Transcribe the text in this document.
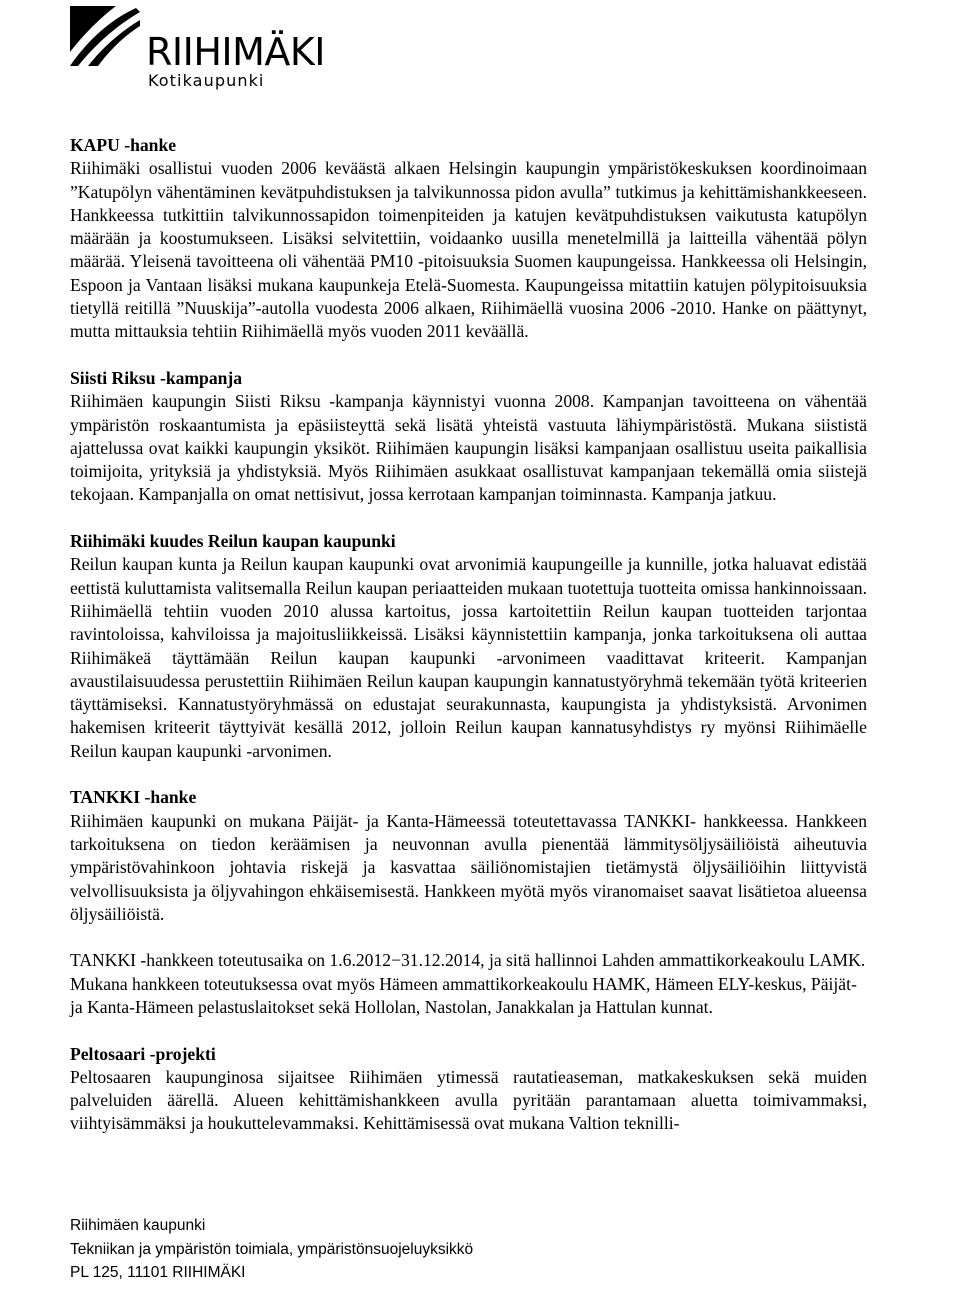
RIIHIMÄKI
Kotikaupunki
KAPU -hanke
Riihimäki osallistui vuoden 2006 keväästä alkaen Helsingin kaupungin ympäristökeskuksen koordinoimaan ”Katupölyn vähentäminen kevätpuhdistuksen ja talvikunnossa pidon avulla” tutkimus ja kehittämishankkeeseen. Hankkeessa tutkittiin talvikunnossapidon toimenpiteiden ja katujen kevätpuhdistuksen vaikutusta katupölyn määrään ja koostumukseen. Lisäksi selvitettiin, voidaanko uusilla menetelmillä ja laitteilla vähentää pölyn määrää. Yleisenä tavoitteena oli vähentää PM10 -pitoisuuksia Suomen kaupungeissa. Hankkeessa oli Helsingin, Espoon ja Vantaan lisäksi mukana kaupunkeja Etelä-Suomesta. Kaupungeissa mitattiin katujen pölypitoisuuksia tietyllä reitillä ”Nuuskija”-autolla vuodesta 2006 alkaen, Riihimäellä vuosina 2006 -2010. Hanke on päättynyt, mutta mittauksia tehtiin Riihimäellä myös vuoden 2011 keväällä.
Siisti Riksu -kampanja
Riihimäen kaupungin Siisti Riksu -kampanja käynnistyi vuonna 2008. Kampanjan tavoitteena on vähentää ympäristön roskaantumista ja epäsiisteyttä sekä lisätä yhteistä vastuuta lähiympäristöstä. Mukana siististä ajattelussa ovat kaikki kaupungin yksiköt. Riihimäen kaupungin lisäksi kampanjaan osallistuu useita paikallisia toimijoita, yrityksiä ja yhdistyksiä. Myös Riihimäen asukkaat osallistuvat kampanjaan tekemällä omia siistejä tekojaan. Kampanjalla on omat nettisivut, jossa kerrotaan kampanjan toiminnasta. Kampanja jatkuu.
Riihimäki kuudes Reilun kaupan kaupunki
Reilun kaupan kunta ja Reilun kaupan kaupunki ovat arvonimiä kaupungeille ja kunnille, jotka haluavat edistää eettistä kuluttamista valitsemalla Reilun kaupan periaatteiden mukaan tuotettuja tuotteita omissa hankinnoissaan. Riihimäellä tehtiin vuoden 2010 alussa kartoitus, jossa kartoitettiin Reilun kaupan tuotteiden tarjontaa ravintoloissa, kahviloissa ja majoitusliikkeissä. Lisäksi käynnistettiin kampanja, jonka tarkoituksena oli auttaa Riihimäkeä täyttämään Reilun kaupan kaupunki -arvonimeen vaadittavat kriteerit. Kampanjan avaustilaisuudessa perustettiin Riihimäen Reilun kaupan kaupungin kannatustyöryhmä tekemään työtä kriteerien täyttämiseksi. Kannatustyöryhmässä on edustajat seurakunnasta, kaupungista ja yhdistyksistä. Arvonimen hakemisen kriteerit täyttyivät kesällä 2012, jolloin Reilun kaupan kannatusyhdistys ry myönsi Riihimäelle Reilun kaupan kaupunki -arvonimen.
TANKKI -hanke
Riihimäen kaupunki on mukana Päijät- ja Kanta-Hämeessä toteutettavassa TANKKI- hankkeessa. Hankkeen tarkoituksena on tiedon keräämisen ja neuvonnan avulla pienentää lämmitysöljysäiliöistä aiheutuvia ympäristövahinkoon johtavia riskejä ja kasvattaa säiliönomistajien tietämystä öljysäiliöihin liittyvistä velvollisuuksista ja öljyvahingon ehkäisemisestä. Hankkeen myötä myös viranomaiset saavat lisätietoa alueensa öljysäiliöistä.
TANKKI -hankkeen toteutusaika on 1.6.2012−31.12.2014, ja sitä hallinnoi Lahden ammattikorkeakoulu LAMK. Mukana hankkeen toteutuksessa ovat myös Hämeen ammattikorkeakoulu HAMK, Hämeen ELY-keskus, Päijät- ja Kanta-Hämeen pelastuslaitokset sekä Hollolan, Nastolan, Janakkalan ja Hattulan kunnat.
Peltosaari -projekti
Peltosaaren kaupunginosa sijaitsee Riihimäen ytimessä rautatieaseman, matkakeskuksen sekä muiden palveluiden äärellä. Alueen kehittämishankkeen avulla pyritään parantamaan aluetta toimivammaksi, viihtyisämmäksi ja houkuttelevammaksi. Kehittämisessä ovat mukana Valtion teknilli-
Riihimäen kaupunki
Tekniikan ja ympäristön toimiala, ympäristönsuojeluyksikkö
PL 125, 11101 RIIHIMÄKI
